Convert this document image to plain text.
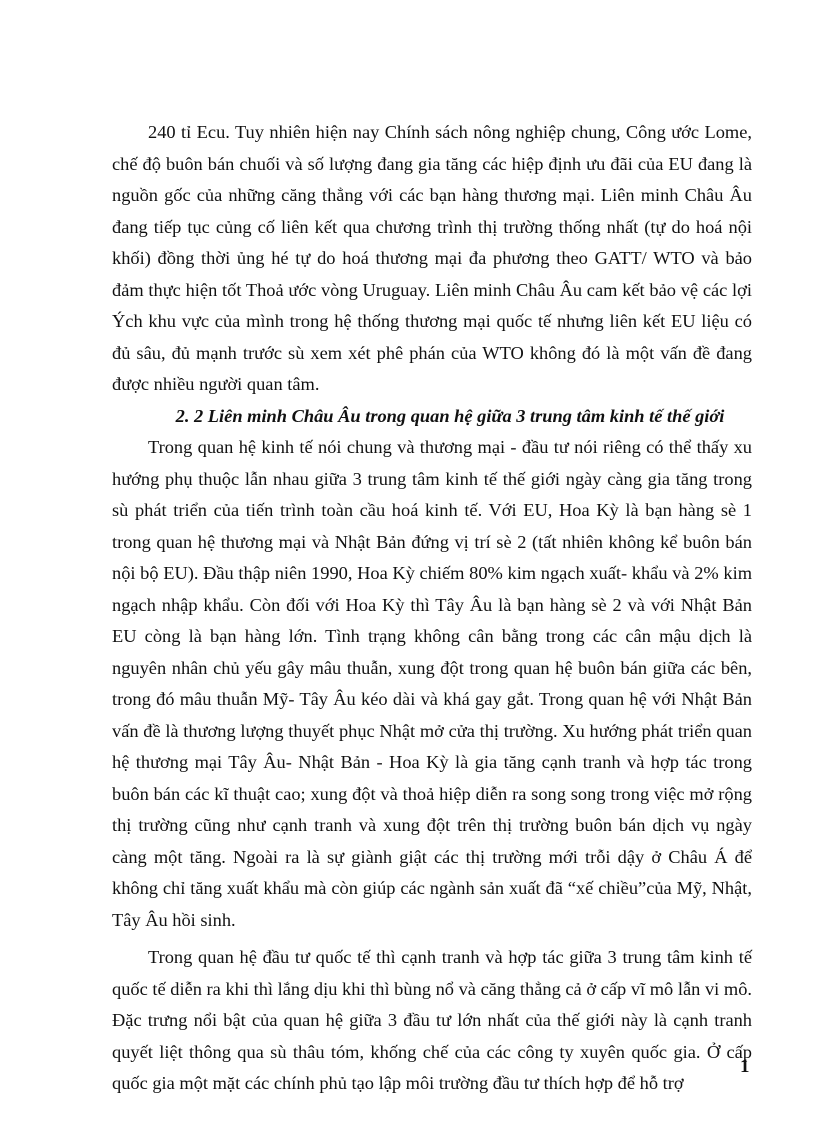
240 tỉ Ecu. Tuy nhiên hiện nay Chính sách nông nghiệp chung, Công ước Lome, chế độ buôn bán chuối và số lượng đang gia tăng các hiệp định ưu đãi của EU đang là nguồn gốc của những căng thẳng với các bạn hàng thương mại. Liên minh Châu Âu đang tiếp tục củng cố liên kết qua chương trình thị trường thống nhất (tự do hoá nội khối) đồng thời ủng hé tự do hoá thương mại đa phương theo GATT/ WTO và bảo đảm thực hiện tốt Thoả ước vòng Uruguay. Liên minh Châu Âu cam kết bảo vệ các lợi Ých khu vực của mình trong hệ thống thương mại quốc tế nhưng liên kết EU liệu có đủ sâu, đủ mạnh trước sù xem xét phê phán của WTO không đó là một vấn đề đang được nhiều người quan tâm.

2. 2 Liên minh Châu Âu trong quan hệ giữa 3 trung tâm kinh tế thế giới

Trong quan hệ kinh tế nói chung và thương mại - đầu tư nói riêng có thể thấy xu hướng phụ thuộc lẫn nhau giữa 3 trung tâm kinh tế thế giới ngày càng gia tăng trong sù phát triển của tiến trình toàn cầu hoá kinh tế. Với EU, Hoa Kỳ là bạn hàng sè 1 trong quan hệ thương mại và Nhật Bản đứng vị trí sè 2 (tất nhiên không kể buôn bán nội bộ EU). Đầu thập niên 1990, Hoa Kỳ chiếm 80% kim ngạch xuất- khẩu và 2% kim ngạch nhập khẩu. Còn đối với Hoa Kỳ thì Tây Âu là bạn hàng sè 2 và với Nhật Bản EU còng là bạn hàng lớn. Tình trạng không cân bằng trong các cân mậu dịch là nguyên nhân chủ yếu gây mâu thuẫn, xung đột trong quan hệ buôn bán giữa các bên, trong đó mâu thuẫn Mỹ- Tây Âu kéo dài và khá gay gắt. Trong quan hệ với Nhật Bản vấn đề là thương lượng thuyết phục Nhật mở cửa thị trường. Xu hướng phát triển quan hệ thương mại Tây Âu- Nhật Bản - Hoa Kỳ là gia tăng cạnh tranh và hợp tác trong buôn bán các kĩ thuật cao; xung đột và thoả hiệp diễn ra song song trong việc mở rộng thị trường cũng như cạnh tranh và xung đột trên thị trường buôn bán dịch vụ ngày càng một tăng. Ngoài ra là sự giành giật các thị trường mới trỗi dậy ở Châu Á để không chỉ tăng xuất khẩu mà còn giúp các ngành sản xuất đã “xế chiều”của Mỹ, Nhật, Tây Âu hồi sinh.

Trong quan hệ đầu tư quốc tế thì cạnh tranh và hợp tác giữa 3 trung tâm kinh tế quốc tế diễn ra khi thì lắng dịu khi thì bùng nổ và căng thẳng cả ở cấp vĩ mô lẫn vi mô. Đặc trưng nổi bật của quan hệ giữa 3 đầu tư lớn nhất của thế giới này là cạnh tranh quyết liệt thông qua sù thâu tóm, khống chế của các công ty xuyên quốc gia. Ở cấp quốc gia một mặt các chính phủ tạo lập môi trường đầu tư thích hợp để hỗ trợ

1
